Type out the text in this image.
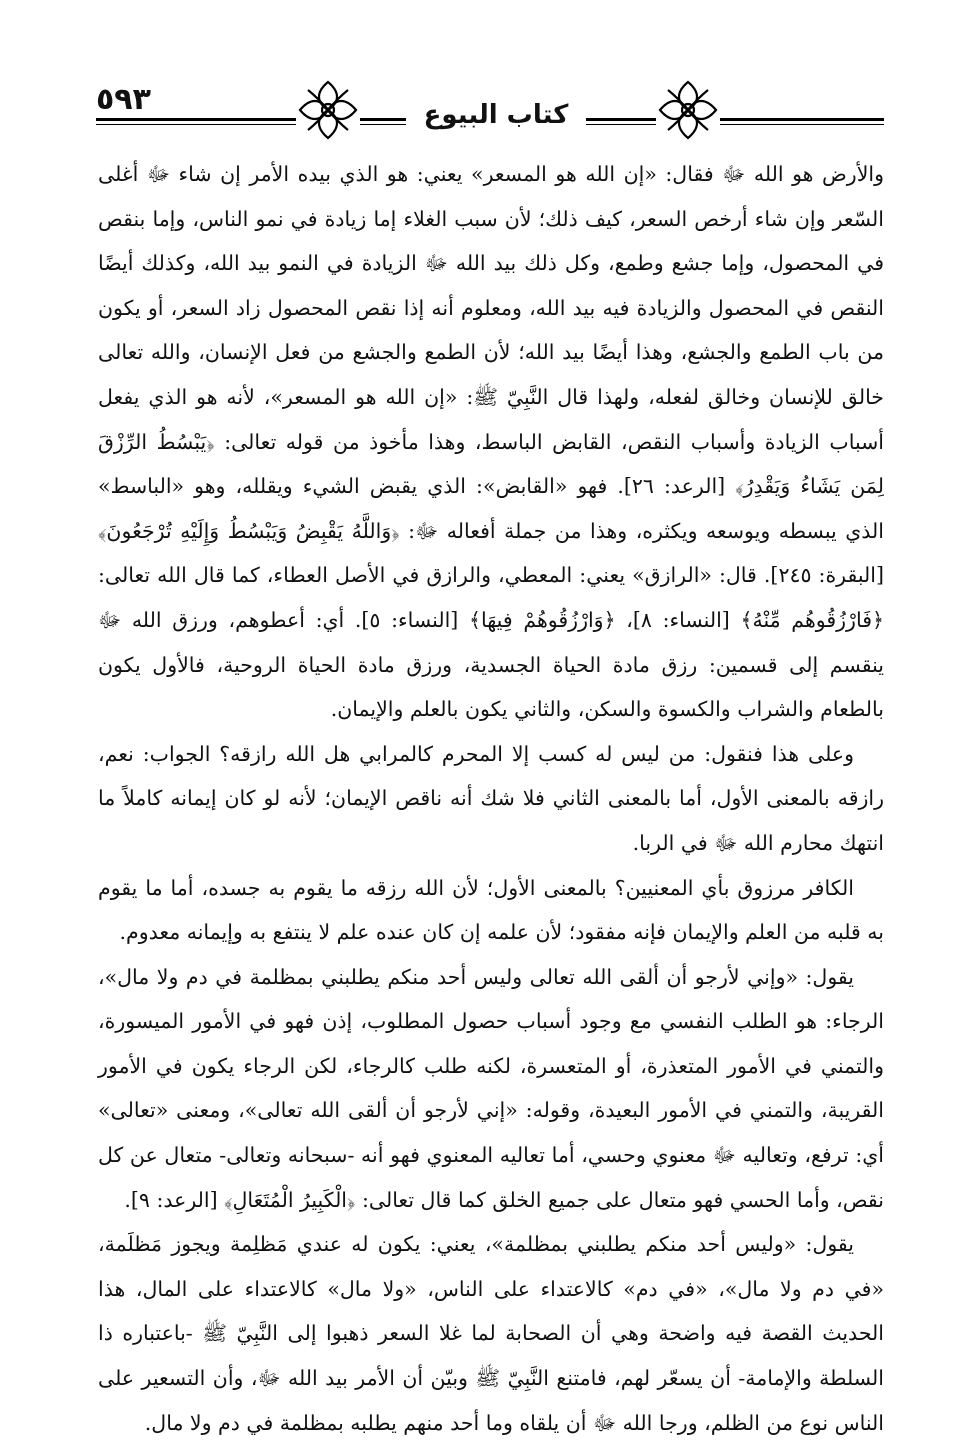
٥٩٣	كتاب البيوع

والأرض هو الله ﷻ فقال: «إن الله هو المسعر» يعني: هو الذي بيده الأمر إن شاء ﷻ أغلى السّعر وإن شاء أرخص السعر، كيف ذلك؛ لأن سبب الغلاء إما زيادة في نمو الناس، وإما بنقص في المحصول، وإما جشع وطمع، وكل ذلك بيد الله ﷻ الزيادة في النمو بيد الله، وكذلك أيضًا النقص في المحصول والزيادة فيه بيد الله، ومعلوم أنه إذا نقص المحصول زاد السعر، أو يكون من باب الطمع والجشع، وهذا أيضًا بيد الله؛ لأن الطمع والجشع من فعل الإنسان، والله تعالى خالق للإنسان وخالق لفعله، ولهذا قال النَّبِيّ ﷺ: «إن الله هو المسعر»، لأنه هو الذي يفعل أسباب الزيادة وأسباب النقص، القابض الباسط، وهذا مأخوذ من قوله تعالى: ﴿يَبْسُطُ الرِّزْقَ لِمَن يَشَاءُ وَيَقْدِرُ﴾ [الرعد: ٢٦]. فهو «القابض»: الذي يقبض الشيء ويقلله، وهو «الباسط» الذي يبسطه ويوسعه ويكثره، وهذا من جملة أفعاله ﷻ: ﴿وَاللَّهُ يَقْبِضُ وَيَبْسُطُ وَإِلَيْهِ تُرْجَعُونَ﴾ [البقرة: ٢٤٥]. قال: «الرازق» يعني: المعطي، والرازق في الأصل العطاء، كما قال الله تعالى: ﴿فَارْزُقُوهُم مِّنْهُ﴾ [النساء: ٨]، ﴿وَارْزُقُوهُمْ فِيهَا﴾ [النساء: ٥]. أي: أعطوهم، ورزق الله ﷻ ينقسم إلى قسمين: رزق مادة الحياة الجسدية، ورزق مادة الحياة الروحية، فالأول يكون بالطعام والشراب والكسوة والسكن، والثاني يكون بالعلم والإيمان.

وعلى هذا فنقول: من ليس له كسب إلا المحرم كالمرابي هل الله رازقه؟ الجواب: نعم، رازقه بالمعنى الأول، أما بالمعنى الثاني فلا شك أنه ناقص الإيمان؛ لأنه لو كان إيمانه كاملاً ما انتهك محارم الله ﷻ في الربا.

الكافر مرزوق بأي المعنيين؟ بالمعنى الأول؛ لأن الله رزقه ما يقوم به جسده، أما ما يقوم به قلبه من العلم والإيمان فإنه مفقود؛ لأن علمه إن كان عنده علم لا ينتفع به وإيمانه معدوم.

يقول: «وإني لأرجو أن ألقى الله تعالى وليس أحد منكم يطلبني بمظلمة في دم ولا مال»، الرجاء: هو الطلب النفسي مع وجود أسباب حصول المطلوب، إذن فهو في الأمور الميسورة، والتمني في الأمور المتعذرة، أو المتعسرة، لكنه طلب كالرجاء، لكن الرجاء يكون في الأمور القريبة، والتمني في الأمور البعيدة، وقوله: «إني لأرجو أن ألقى الله تعالى»، ومعنى «تعالى» أي: ترفع، وتعاليه ﷻ معنوي وحسي، أما تعاليه المعنوي فهو أنه -سبحانه وتعالى- متعال عن كل نقص، وأما الحسي فهو متعال على جميع الخلق كما قال تعالى: ﴿الْكَبِيرُ الْمُتَعَالِ﴾ [الرعد: ٩].

يقول: «وليس أحد منكم يطلبني بمظلمة»، يعني: يكون له عندي مَظلِمة ويجوز مَظلَمة، «في دم ولا مال»، «في دم» كالاعتداء على الناس، «ولا مال» كالاعتداء على المال، هذا الحديث القصة فيه واضحة وهي أن الصحابة لما غلا السعر ذهبوا إلى النَّبِيّ ﷺ -باعتباره ذا السلطة والإمامة- أن يسعّر لهم، فامتنع النَّبِيّ ﷺ وبيّن أن الأمر بيد الله ﷻ، وأن التسعير على الناس نوع من الظلم، ورجا الله ﷻ أن يلقاه وما أحد منهم يطلبه بمظلمة في دم ولا مال.
